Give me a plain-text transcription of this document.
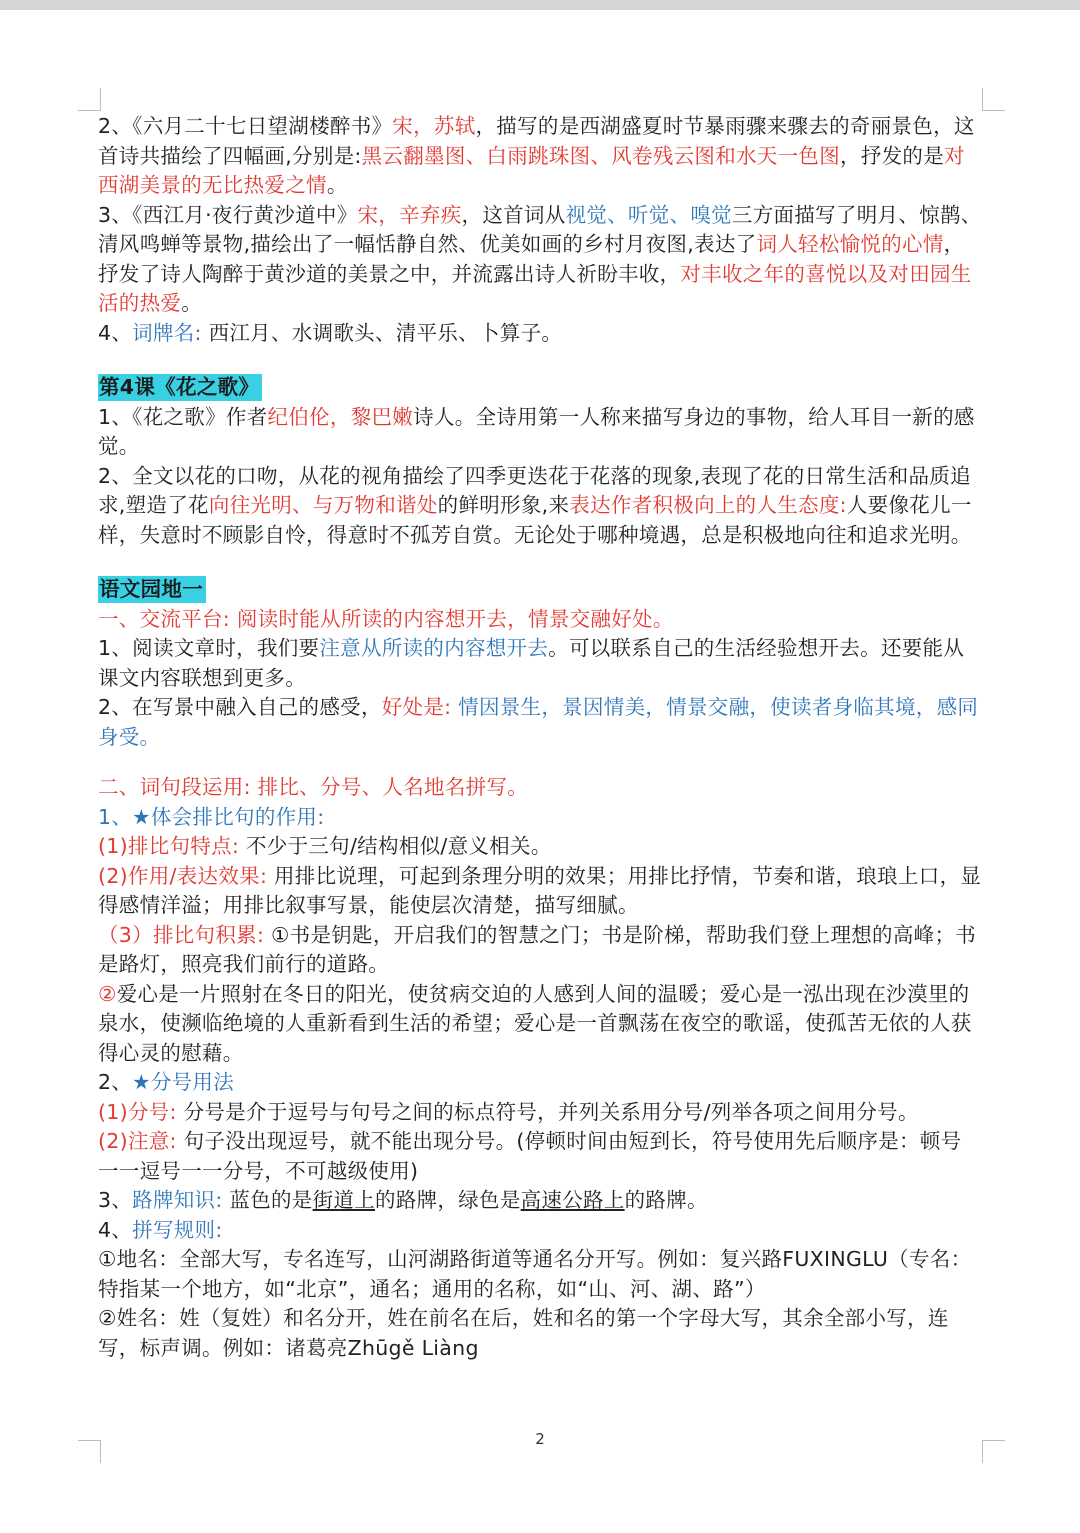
2、《六月二十七日望湖楼醉书》宋，苏轼，描写的是西湖盛夏时节暴雨骤来骤去的奇丽景色，这首诗共描绘了四幅画,分别是:黑云翻墨图、白雨跳珠图、风卷残云图和水天一色图，抒发的是对西湖美景的无比热爱之情。

3、《西江月·夜行黄沙道中》宋，辛弃疾，这首词从视觉、听觉、嗅觉三方面描写了明月、惊鹊、清风鸣蝉等景物,描绘出了一幅恬静自然、优美如画的乡村月夜图,表达了词人轻松愉悦的心情，抒发了诗人陶醉于黄沙道的美景之中，并流露出诗人祈盼丰收，对丰收之年的喜悦以及对田园生活的热爱。

4、词牌名: 西江月、水调歌头、清平乐、卜算子。

第4课《花之歌》

1、《花之歌》作者纪伯伦，黎巴嫩诗人。全诗用第一人称来描写身边的事物，给人耳目一新的感觉。

2、全文以花的口吻，从花的视角描绘了四季更迭花于花落的现象,表现了花的日常生活和品质追求,塑造了花向往光明、与万物和谐处的鲜明形象,来表达作者积极向上的人生态度:人要像花儿一样，失意时不顾影自怜，得意时不孤芳自赏。无论处于哪种境遇，总是积极地向往和追求光明。

语文园地一

一、交流平台: 阅读时能从所读的内容想开去，情景交融好处。

1、阅读文章时，我们要注意从所读的内容想开去。可以联系自己的生活经验想开去。还要能从课文内容联想到更多。

2、在写景中融入自己的感受，好处是: 情因景生，景因情美，情景交融，使读者身临其境，感同身受。

二、词句段运用: 排比、分号、人名地名拼写。

1、★体会排比句的作用:

(1)排比句特点: 不少于三句/结构相似/意义相关。

(2)作用/表达效果: 用排比说理，可起到条理分明的效果；用排比抒情，节奏和谐，琅琅上口，显得感情洋溢；用排比叙事写景，能使层次清楚，描写细腻。

（3）排比句积累: ①书是钥匙，开启我们的智慧之门；书是阶梯，帮助我们登上理想的高峰；书是路灯，照亮我们前行的道路。

②爱心是一片照射在冬日的阳光，使贫病交迫的人感到人间的温暖；爱心是一泓出现在沙漠里的泉水，使濒临绝境的人重新看到生活的希望；爱心是一首飘荡在夜空的歌谣，使孤苦无依的人获得心灵的慰藉。

2、★分号用法

(1)分号: 分号是介于逗号与句号之间的标点符号，并列关系用分号/列举各项之间用分号。

(2)注意: 句子没出现逗号，就不能出现分号。(停顿时间由短到长，符号使用先后顺序是：顿号一一逗号一一分号，不可越级使用)

3、路牌知识: 蓝色的是街道上的路牌，绿色是高速公路上的路牌。

4、拼写规则:

①地名：全部大写，专名连写，山河湖路街道等通名分开写。例如：复兴路FUXINGLU（专名：特指某一个地方，如“北京”，通名；通用的名称，如“山、河、湖、路”）

②姓名：姓（复姓）和名分开，姓在前名在后，姓和名的第一个字母大写，其余全部小写，连写，标声调。例如：诸葛亮Zhūgě Liàng

2
